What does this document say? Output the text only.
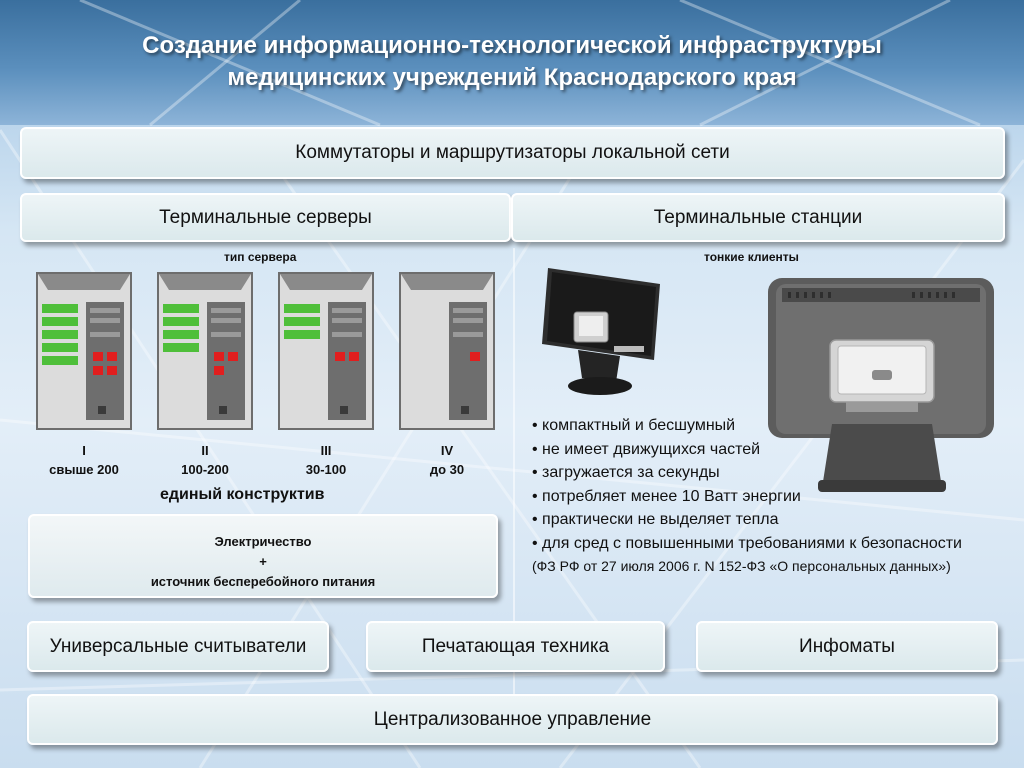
Создание информационно-технологической инфраструктуры
медицинских учреждений Краснодарского края
Коммутаторы и маршрутизаторы локальной сети
Терминальные серверы	Терминальные станции
тип сервера	тонкие клиенты
I
свыше 200
II
100-200
III
30-100
IV
до 30
единый конструктив
Электричество
+
источник бесперебойного питания
• компактный и бесшумный
• не имеет движущихся частей
• загружается за секунды
• потребляет менее 10 Ватт энергии
• практически не выделяет тепла
• для сред с повышенными требованиями к безопасности (ФЗ РФ от 27 июля 2006 г. N 152-ФЗ «О персональных данных»)
Универсальные считыватели	Печатающая техника	Инфоматы
Централизованное управление
